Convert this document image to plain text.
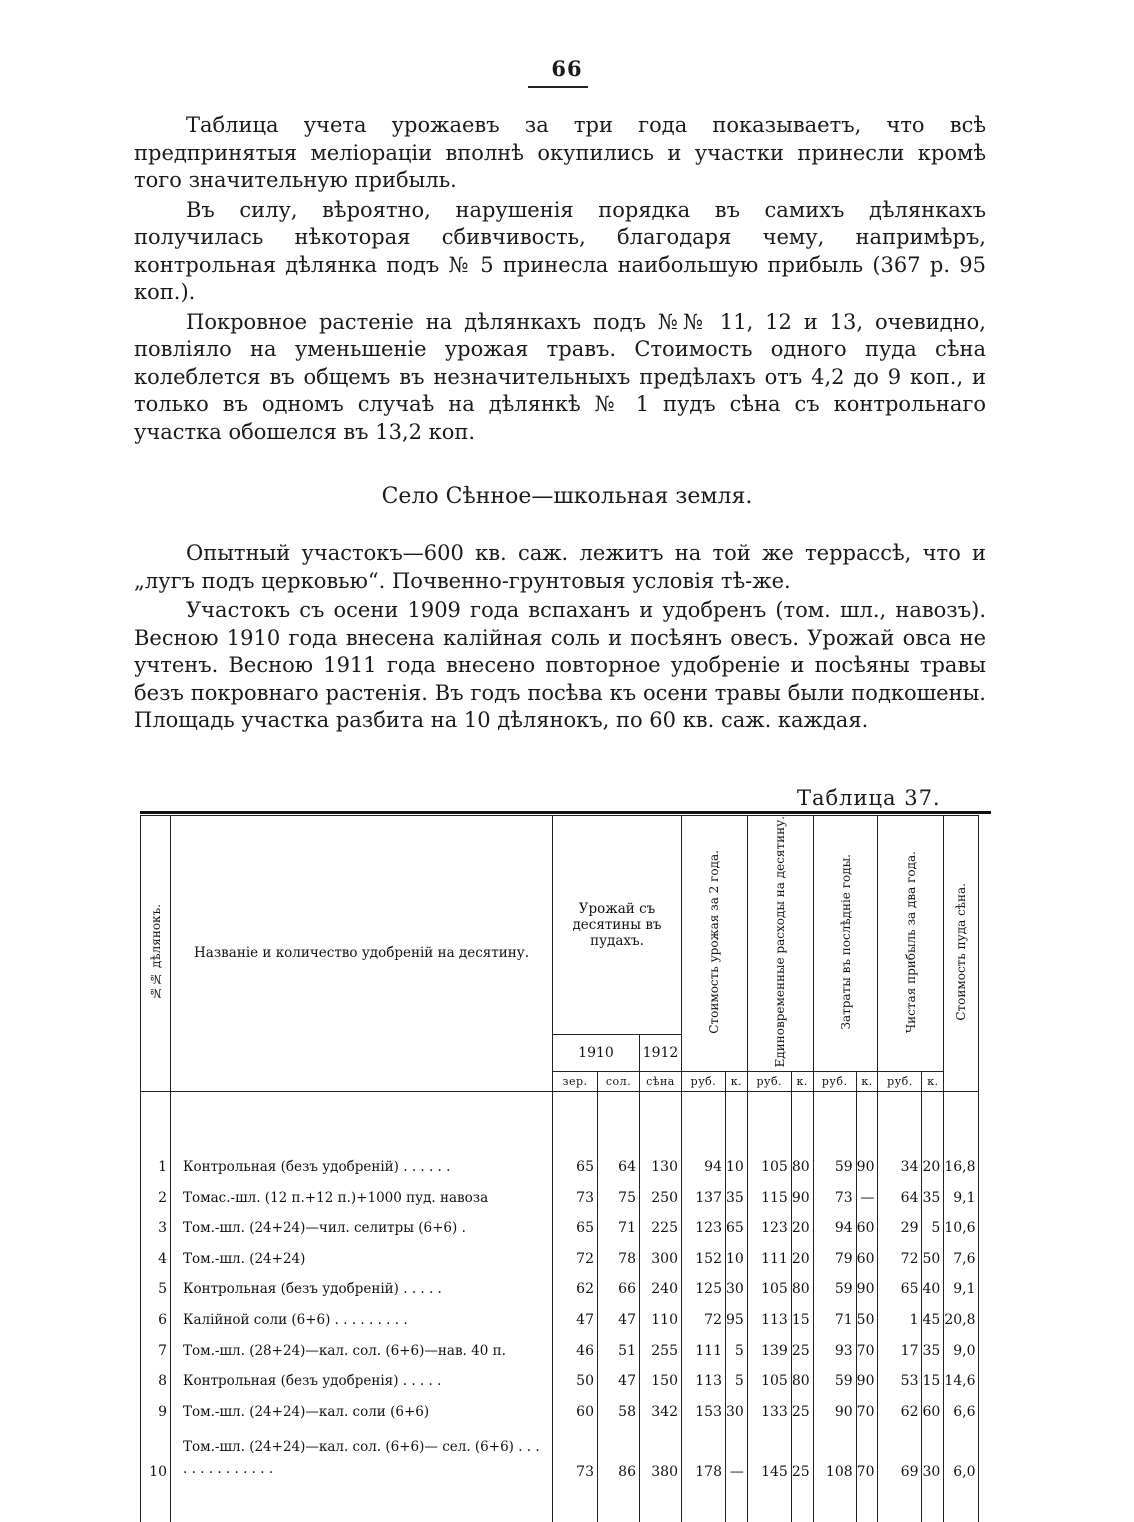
66

Таблица учета урожаевъ за три года показываетъ, что всѣ предпринятыя меліораціи вполнѣ окупились и участки принесли кромѣ того значительную прибыль.

Въ силу, вѣроятно, нарушенія порядка въ самихъ дѣлянкахъ получилась нѣкоторая сбивчивость, благодаря чему, напримѣръ, контрольная дѣлянка подъ № 5 принесла наибольшую прибыль (367 р. 95 коп.).

Покровное растеніе на дѣлянкахъ подъ №№ 11, 12 и 13, очевидно, повліяло на уменьшеніе урожая травъ. Стоимость одного пуда сѣна колеблется въ общемъ въ незначительныхъ предѣлахъ отъ 4,2 до 9 коп., и только въ одномъ случаѣ на дѣлянкѣ № 1 пудъ сѣна съ контрольнаго участка обошелся въ 13,2 коп.

Село Сѣнное—школьная земля.

Опытный участокъ—600 кв. саж. лежитъ на той же террассѣ, что и „лугъ подъ церковью“. Почвенно-грунтовыя условія тѣ-же.

Участокъ съ осени 1909 года вспаханъ и удобренъ (том. шл., навозъ). Весною 1910 года внесена калійная соль и посѣянъ овесъ. Урожай овса не учтенъ. Весною 1911 года внесено повторное удобреніе и посѣяны травы безъ покровнаго растенія. Въ годъ посѣва къ осени травы были подкошены. Площадь участка разбита на 10 дѣлянокъ, по 60 кв. саж. каждая.

Таблица 37.
№№ дѣлянокъ.	Названіе и количество удобреній на десятину.	Урожай съ десятины въ пудахъ.			Стоимость урожая за 2 года.		Единовременные расходы на десятину.		Затраты въ послѣдніе годы.		Чистая прибыль за два года.		Стоимость пуда сѣна.
		1910		1912									
		зер.	сол.	сѣна	руб.	к.	руб.	к.	руб.	к.	руб.	к.	

1	Контрольная (безъ удобреній) . . . . . .	65	64	130	94	10	105	80	59	90	34	20	16,8
2	Томас.-шл. (12 п.+12 п.)+1000 пуд. навоза	73	75	250	137	35	115	90	73	—	64	35	9,1
3	Том.-шл. (24+24)—чил. селитры (6+6) .	65	71	225	123	65	123	20	94	60	29	5	10,6
4	Том.-шл. (24+24)	72	78	300	152	10	111	20	79	60	72	50	7,6
5	Контрольная (безъ удобреній) . . . . .	62	66	240	125	30	105	80	59	90	65	40	9,1
6	Калійной соли (6+6) . . . . . . . . .	47	47	110	72	95	113	15	71	50	1	45	20,8
7	Том.-шл. (28+24)—кал. сол. (6+6)—нав. 40 п.	46	51	255	111	5	139	25	93	70	17	35	9,0
8	Контрольная (безъ удобренія) . . . . .	50	47	150	113	5	105	80	59	90	53	15	14,6
9	Том.-шл. (24+24)—кал. соли (6+6)	60	58	342	153	30	133	25	90	70	62	60	6,6
10	Том.-шл. (24+24)—кал. сол. (6+6)— сел. (6+6) . . . . . . . . . . . . . .	73	86	380	178	—	145	25	108	70	69	30	6,0
